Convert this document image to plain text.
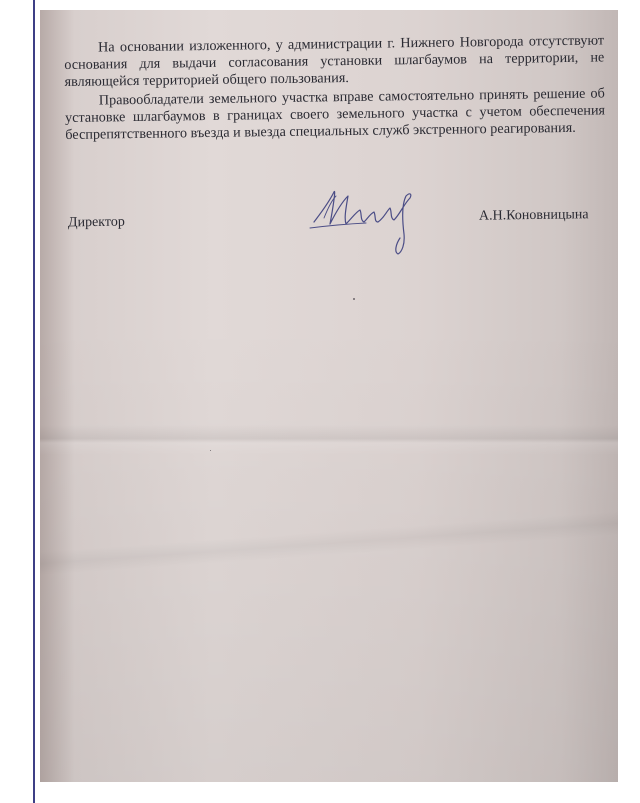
На основании изложенного, у администрации г. Нижнего Новгорода отсутствуют основания для выдачи согласования установки шлагбаумов на территории, не являющейся территорией общего пользования.

Правообладатели земельного участка вправе самостоятельно принять решение об установке шлагбаумов в границах своего земельного участка с учетом обеспечения беспрепятственного въезда и выезда специальных служб экстренного реагирования.

Директор	А.Н.Коновницына
